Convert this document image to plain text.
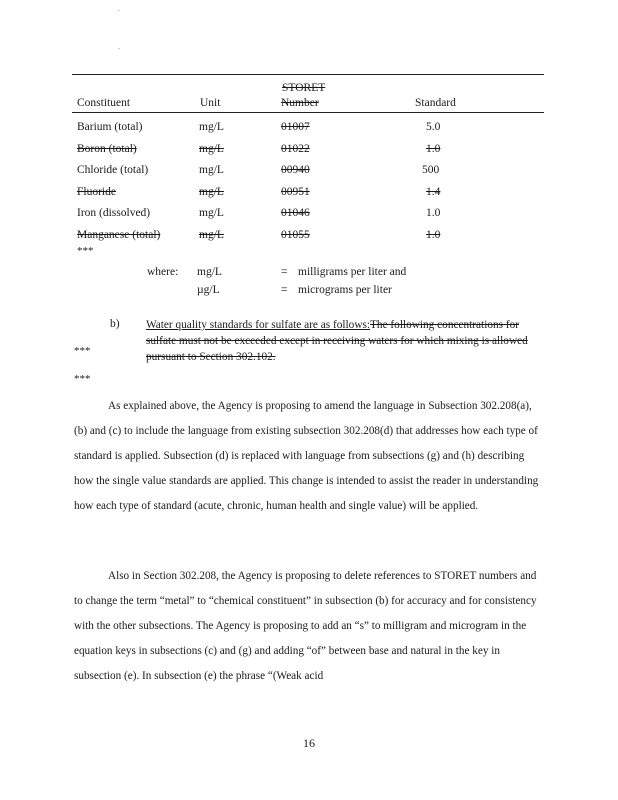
.
.
STORET
Constituent	Unit	Number	Standard
Barium (total)	mg/L	01007	5.0
Boron (total)	mg/L	01022	1.0
Chloride (total)	mg/L	00940	500
Fluoride	mg/L	00951	1.4
Iron (dissolved)	mg/L	01046	1.0
Manganese (total)	mg/L	01055	1.0
***
where: mg/L	= milligrams per liter and
µg/L	= micrograms per liter
b) Water quality standards for sulfate are as follows:The following concentrations for sulfate must not be exceeded except in receiving waters for which mixing is allowed pursuant to Section 302.102.
***
***

As explained above, the Agency is proposing to amend the language in Subsection 302.208(a), (b) and (c) to include the language from existing subsection 302.208(d) that addresses how each type of standard is applied. Subsection (d) is replaced with language from subsections (g) and (h) describing how the single value standards are applied. This change is intended to assist the reader in understanding how each type of standard (acute, chronic, human health and single value) will be applied.

Also in Section 302.208, the Agency is proposing to delete references to STORET numbers and to change the term “metal” to “chemical constituent” in subsection (b) for accuracy and for consistency with the other subsections. The Agency is proposing to add an “s” to milligram and microgram in the equation keys in subsections (c) and (g) and adding “of” between base and natural in the key in subsection (e). In subsection (e) the phrase “(Weak acid

16
